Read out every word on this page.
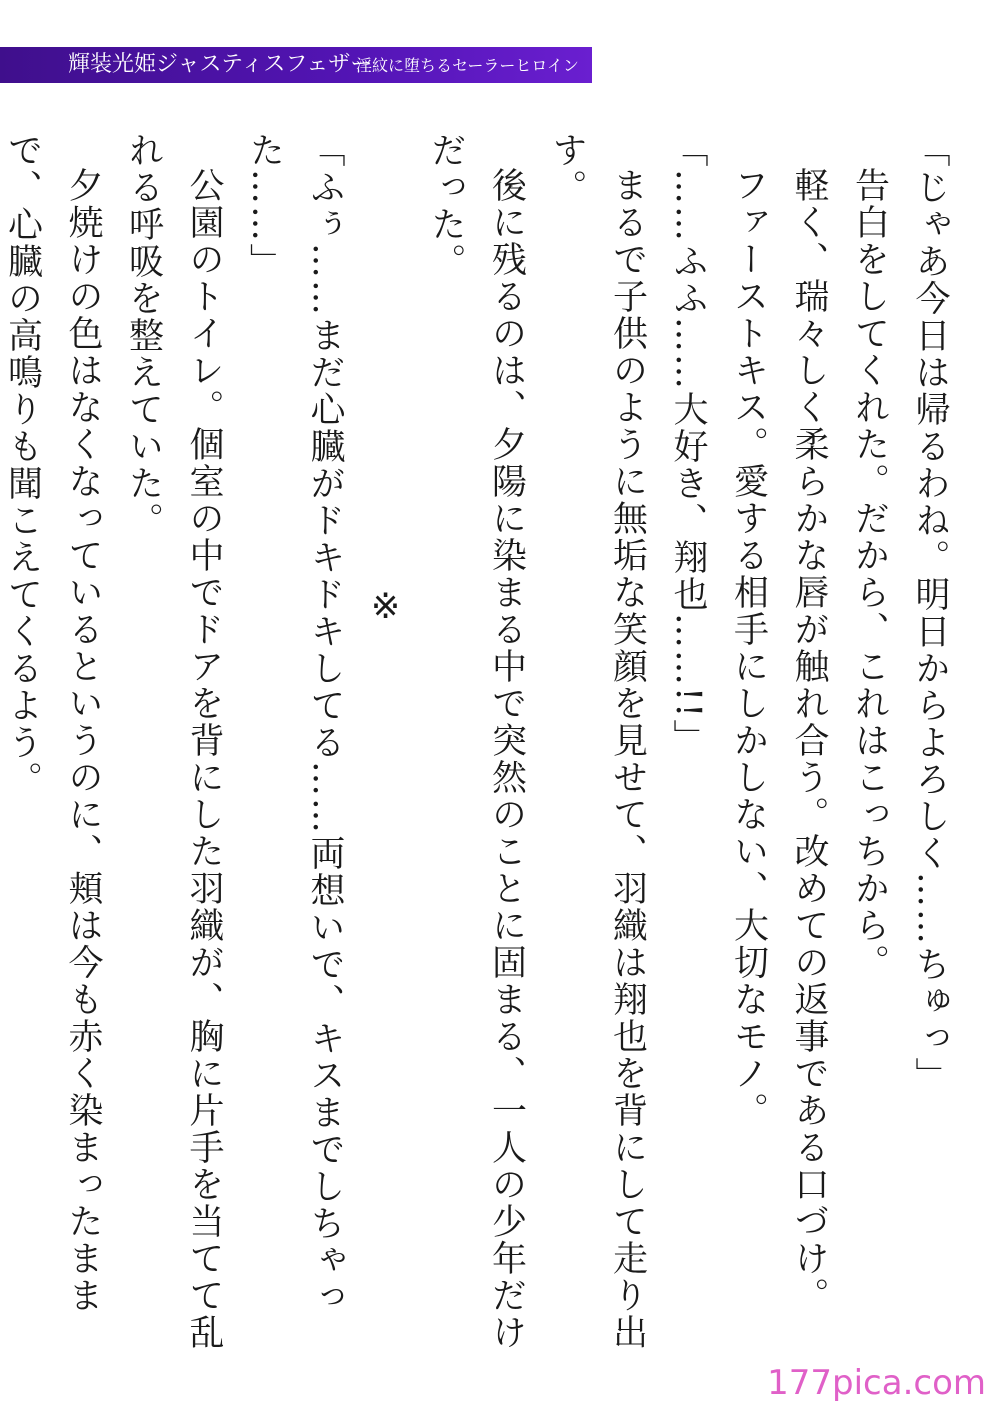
輝装光姫ジャスティスフェザー
淫紋に堕ちるセーラーヒロイン

「じゃあ今日は帰るわね。明日からよろしく……ちゅっ」

告白をしてくれた。だから、これはこっちから。

軽く、瑞々しく柔らかな唇が触れ合う。改めての返事である口づけ。

ファーストキス。愛する相手にしかしない、大切なモノ。

「……ふふ……大好き、翔也……!!」

まるで子供のように無垢な笑顔を見せて、羽織は翔也を背にして走り出す。

後に残るのは、夕陽に染まる中で突然のことに固まる、一人の少年だけだった。

※

「ふぅ……まだ心臓がドキドキしてる……両想いで、キスまでしちゃった……」

公園のトイレ。個室の中でドアを背にした羽織が、胸に片手を当てて乱れる呼吸を整えていた。

夕焼けの色はなくなっているというのに、頬は今も赤く染まったままで、心臓の高鳴りも聞こえてくるよう。

177pica.com
